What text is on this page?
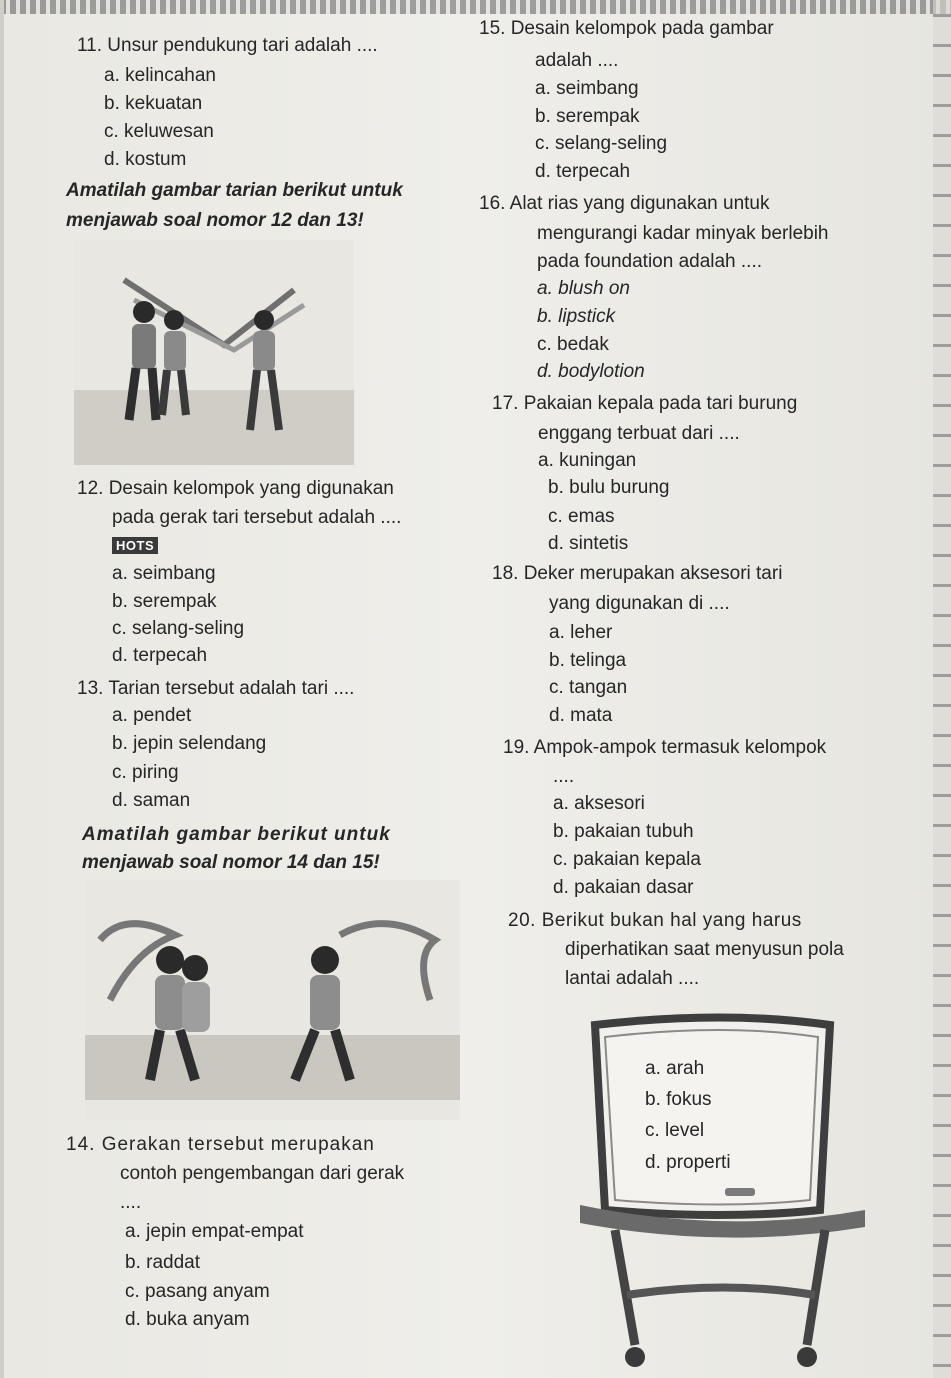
11. Unsur pendukung tari adalah ....
a. kelincahan
b. kekuatan
c. keluwesan
d. kostum
Amatilah gambar tarian berikut untuk
menjawab soal nomor 12 dan 13!
12. Desain kelompok yang digunakan
pada gerak tari tersebut adalah ....
HOTS
a. seimbang
b. serempak
c. selang-seling
d. terpecah
13. Tarian tersebut adalah tari ....
a. pendet
b. jepin selendang
c. piring
d. saman
Amatilah gambar berikut untuk
menjawab soal nomor 14 dan 15!
14. Gerakan tersebut merupakan
contoh pengembangan dari gerak
....
a. jepin empat-empat
b. raddat
c. pasang anyam
d. buka anyam
15. Desain kelompok pada gambar
adalah ....
a. seimbang
b. serempak
c. selang-seling
d. terpecah
16. Alat rias yang digunakan untuk
mengurangi kadar minyak berlebih
pada foundation adalah ....
a. blush on
b. lipstick
c. bedak
d. bodylotion
17. Pakaian kepala pada tari burung
enggang terbuat dari ....
a. kuningan
b. bulu burung
c. emas
d. sintetis
18. Deker merupakan aksesori tari
yang digunakan di ....
a. leher
b. telinga
c. tangan
d. mata
19. Ampok-ampok termasuk kelompok
....
a. aksesori
b. pakaian tubuh
c. pakaian kepala
d. pakaian dasar
20. Berikut bukan hal yang harus
diperhatikan saat menyusun pola
lantai adalah ....
a. arah
b. fokus
c. level
d. properti
